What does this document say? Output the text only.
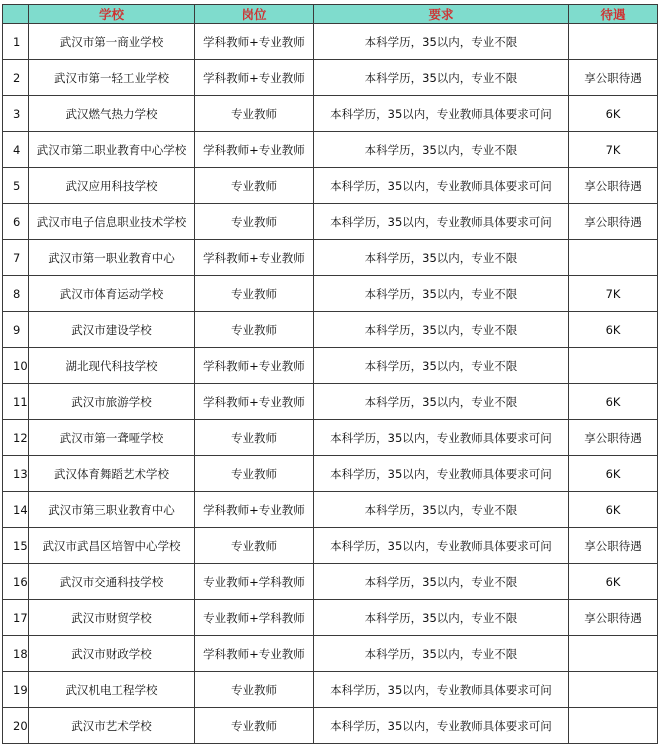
	学校	岗位	要求	待遇
1	武汉市第一商业学校	学科教师+专业教师	本科学历，35以内，专业不限	
2	武汉市第一轻工业学校	学科教师+专业教师	本科学历，35以内，专业不限	享公职待遇
3	武汉燃气热力学校	专业教师	本科学历，35以内，专业教师具体要求可问	6K
4	武汉市第二职业教育中心学校	学科教师+专业教师	本科学历，35以内，专业不限	7K
5	武汉应用科技学校	专业教师	本科学历，35以内，专业教师具体要求可问	享公职待遇
6	武汉市电子信息职业技术学校	专业教师	本科学历，35以内，专业教师具体要求可问	享公职待遇
7	武汉市第一职业教育中心	学科教师+专业教师	本科学历，35以内，专业不限	
8	武汉市体育运动学校	专业教师	本科学历，35以内，专业不限	7K
9	武汉市建设学校	专业教师	本科学历，35以内，专业不限	6K
10	湖北现代科技学校	学科教师+专业教师	本科学历，35以内，专业不限	
11	武汉市旅游学校	学科教师+专业教师	本科学历，35以内，专业不限	6K
12	武汉市第一聋哑学校	专业教师	本科学历，35以内，专业教师具体要求可问	享公职待遇
13	武汉体育舞蹈艺术学校	专业教师	本科学历，35以内，专业教师具体要求可问	6K
14	武汉市第三职业教育中心	学科教师+专业教师	本科学历，35以内，专业不限	6K
15	武汉市武昌区培智中心学校	专业教师	本科学历，35以内，专业教师具体要求可问	享公职待遇
16	武汉市交通科技学校	专业教师+学科教师	本科学历，35以内，专业不限	6K
17	武汉市财贸学校	专业教师+学科教师	本科学历，35以内，专业不限	享公职待遇
18	武汉市财政学校	学科教师+专业教师	本科学历，35以内，专业不限	
19	武汉机电工程学校	专业教师	本科学历，35以内，专业教师具体要求可问	
20	武汉市艺术学校	专业教师	本科学历，35以内，专业教师具体要求可问	
